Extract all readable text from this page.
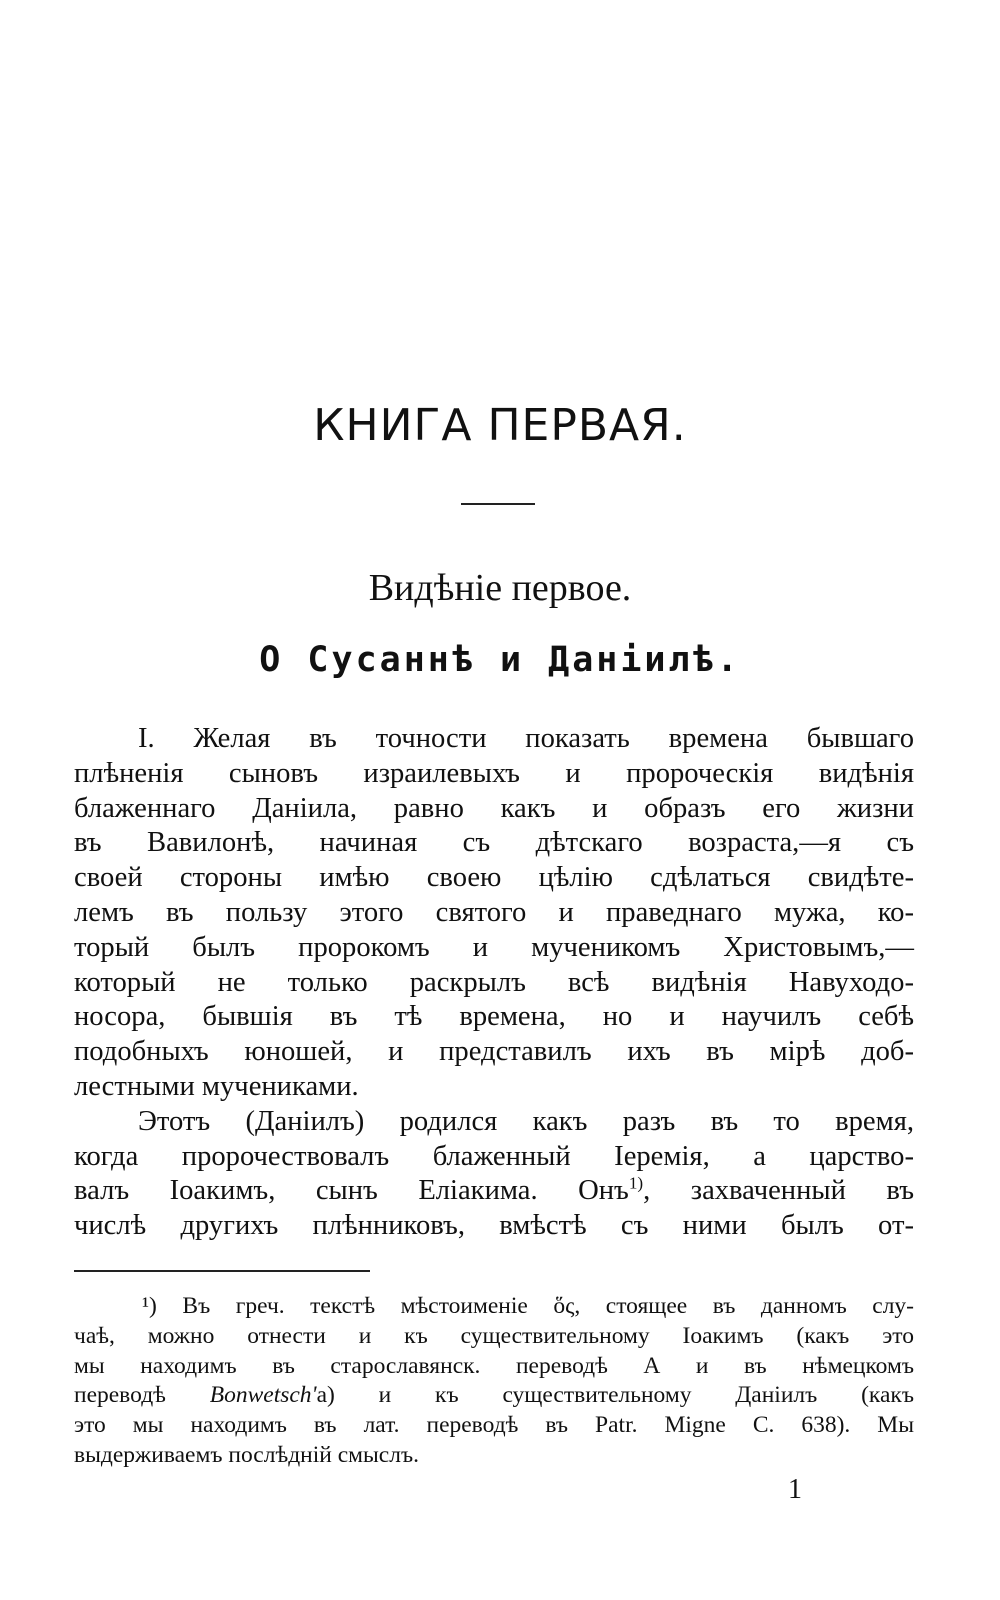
КНИГА ПЕРВАЯ.
Видѣніе первое.
О Сусаннѣ и Даніилѣ.
I. Желая въ точности показать времена бывшаго
плѣненія сыновъ израилевыхъ и пророческія видѣнія
блаженнаго Даніила, равно какъ и образъ его жизни
въ Вавилонѣ, начиная съ дѣтскаго возраста,—я съ
своей стороны имѣю своею цѣлію сдѣлаться свидѣте-
лемъ въ пользу этого святого и праведнаго мужа, ко-
торый былъ пророкомъ и мученикомъ Христовымъ,—
который не только раскрылъ всѣ видѣнія Навуходо-
носора, бывшія въ тѣ времена, но и научилъ себѣ
подобныхъ юношей, и представилъ ихъ въ мірѣ доб-
лестными мучениками.
Этотъ (Даніилъ) родился какъ разъ въ то время,
когда пророчествовалъ блаженный Іеремія, а царство-
валъ Іоакимъ, сынъ Еліакима. Онъ$^{1)}$, захваченный въ
числѣ другихъ плѣнниковъ, вмѣстѣ съ ними былъ от-
¹) Въ греч. текстѣ мѣстоименіе ὅς, стоящее въ данномъ слу-
чаѣ, можно отнести и къ существительному Іоакимъ (какъ это
мы находимъ въ старославянск. переводѣ А и въ нѣмецкомъ
переводѣ Bonwetsch'а) и къ существительному Даніилъ (какъ
это мы находимъ въ лат. переводѣ въ Patr. Migne C. 638). Мы
выдерживаемъ послѣдній смыслъ.
1
